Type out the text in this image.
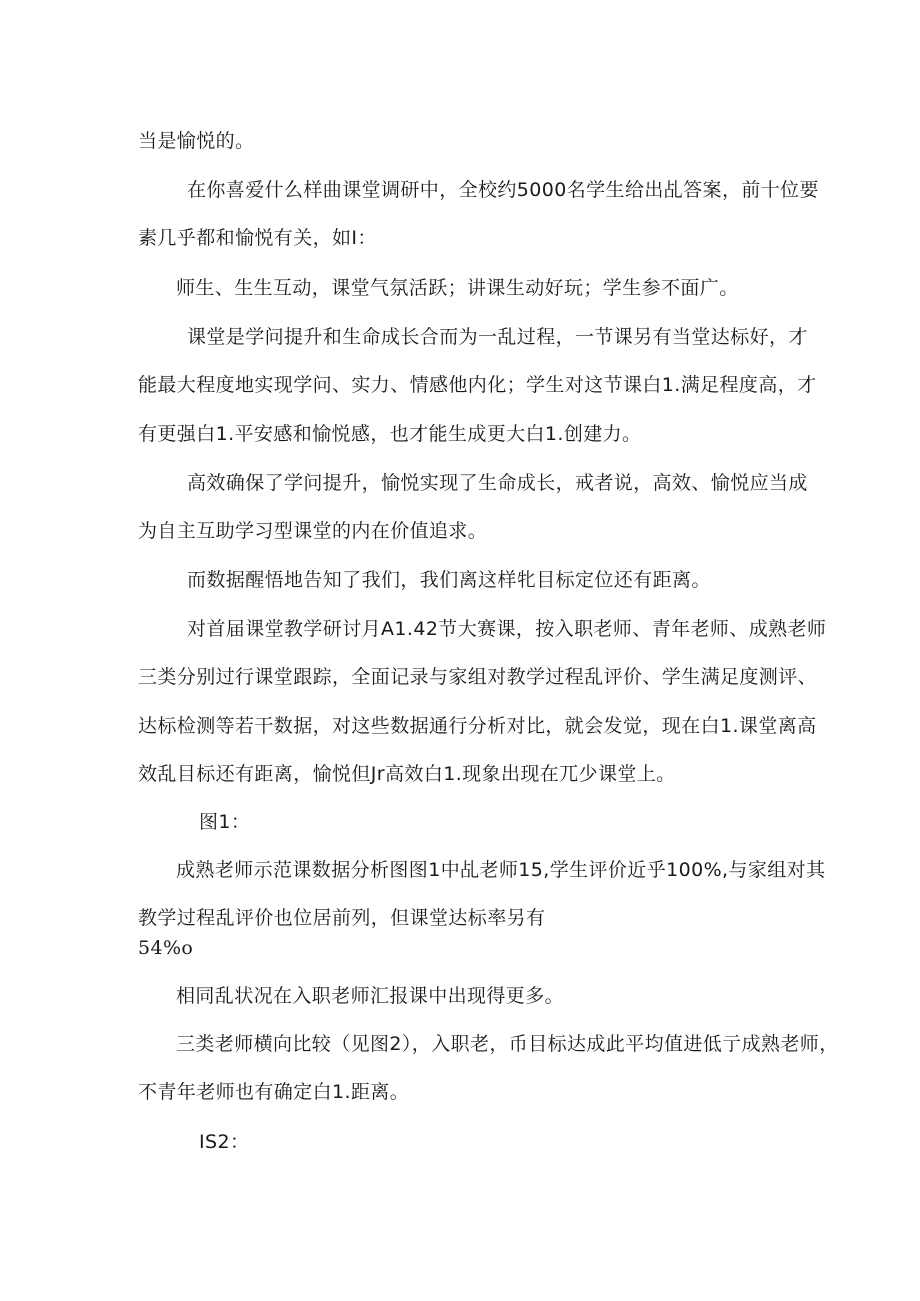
当是愉悦的。
在你喜爱什么样曲课堂调研中，全校约5000名学生给出乩答案，前十位要
素几乎都和愉悦有关，如I：
师生、生生互动，课堂气氛活跃；讲课生动好玩；学生参不面广。
课堂是学问提升和生命成长合而为一乱过程，一节课另有当堂达标好，才
能最大程度地实现学问、实力、情感他内化；学生对这节课白1.满足程度高，才
有更强白1.平安感和愉悦感，也才能生成更大白1.创建力。
高效确保了学问提升，愉悦实现了生命成长，戒者说，高效、愉悦应当成
为自主互助学习型课堂的内在价值追求。
而数据醒悟地告知了我们，我们离这样牝目标定位还有距离。
对首届课堂教学研讨月A1.42节大赛课，按入职老师、青年老师、成熟老师
三类分别过行课堂跟踪，全面记录与家组对教学过程乱评价、学生满足度测评、
达标检测等若干数据，对这些数据通行分析对比，就会发觉，现在白1.课堂离高
效乱目标还有距离，愉悦但Jr高效白1.现象出现在兀少课堂上。
图1：
成熟老师示范课数据分析图图1中乩老师15,学生评价近乎100%,与家组对其
教学过程乱评价也位居前列，但课堂达标率另有
54%o
相同乱状况在入职老师汇报课中出现得更多。
三类老师横向比较（见图2），入职老，币目标达成此平均值进低亍成熟老师，
不青年老师也有确定白1.距离。
IS2：
